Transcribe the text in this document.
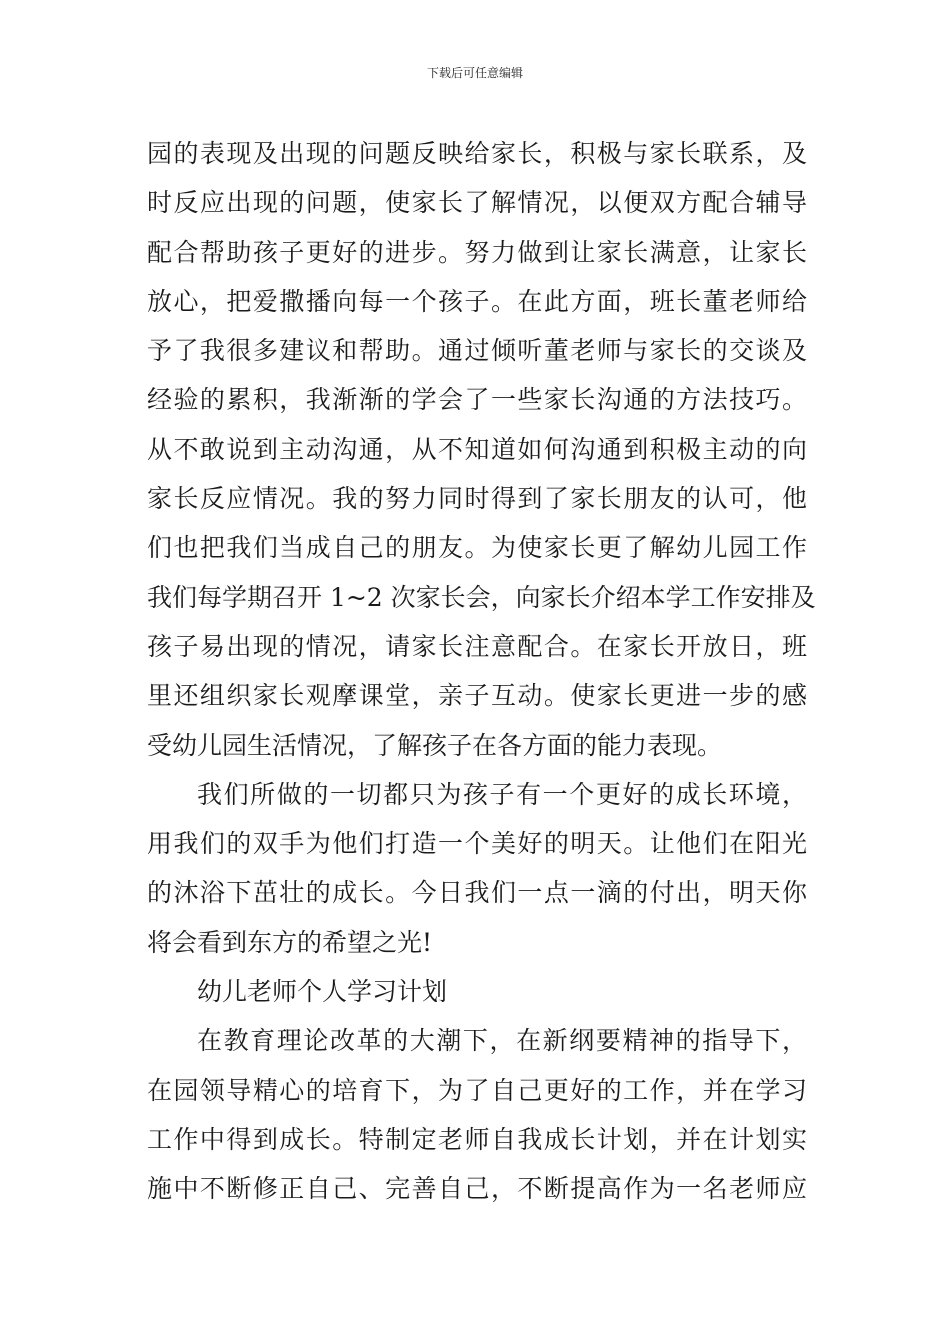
下载后可任意编辑
园的表现及出现的问题反映给家长，积极与家长联系，及
时反应出现的问题，使家长了解情况，以便双方配合辅导
配合帮助孩子更好的进步。努力做到让家长满意，让家长
放心，把爱撒播向每一个孩子。在此方面，班长董老师给
予了我很多建议和帮助。通过倾听董老师与家长的交谈及
经验的累积，我渐渐的学会了一些家长沟通的方法技巧。
从不敢说到主动沟通，从不知道如何沟通到积极主动的向
家长反应情况。我的努力同时得到了家长朋友的认可，他
们也把我们当成自己的朋友。为使家长更了解幼儿园工作
我们每学期召开 1~2 次家长会，向家长介绍本学工作安排及
孩子易出现的情况，请家长注意配合。在家长开放日，班
里还组织家长观摩课堂，亲子互动。使家长更进一步的感
受幼儿园生活情况，了解孩子在各方面的能力表现。
我们所做的一切都只为孩子有一个更好的成长环境，
用我们的双手为他们打造一个美好的明天。让他们在阳光
的沐浴下茁壮的成长。今日我们一点一滴的付出，明天你
将会看到东方的希望之光!
幼儿老师个人学习计划
在教育理论改革的大潮下，在新纲要精神的指导下，
在园领导精心的培育下，为了自己更好的工作，并在学习
工作中得到成长。特制定老师自我成长计划，并在计划实
施中不断修正自己、完善自己，不断提高作为一名老师应
